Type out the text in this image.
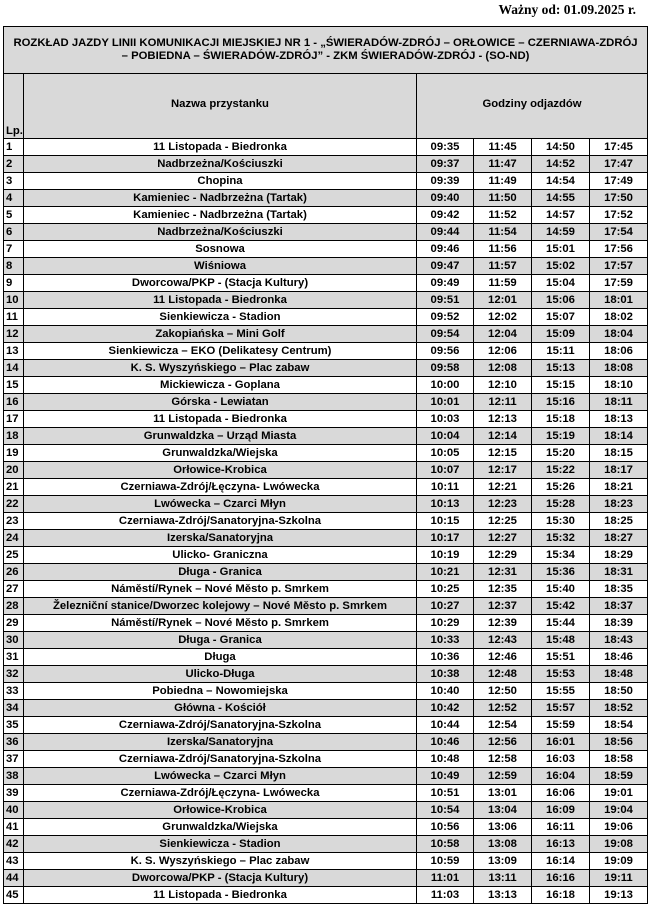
Ważny od: 01.09.2025 r.
ROZKŁAD JAZDY LINII KOMUNIKACJI MIEJSKIEJ NR 1 - „ŚWIERADÓW-ZDRÓJ – ORŁOWICE – CZERNIAWA-ZDRÓJ – POBIEDNA – ŚWIERADÓW-ZDRÓJ” - ZKM ŚWIERADÓW-ZDRÓJ - (SO-ND)					
Lp.	Nazwa przystanku	Godziny odjazdów			
1	11 Listopada - Biedronka	09:35	11:45	14:50	17:45
2	Nadbrzeżna/Kościuszki	09:37	11:47	14:52	17:47
3	Chopina	09:39	11:49	14:54	17:49
4	Kamieniec - Nadbrzeżna (Tartak)	09:40	11:50	14:55	17:50
5	Kamieniec - Nadbrzeżna (Tartak)	09:42	11:52	14:57	17:52
6	Nadbrzeżna/Kościuszki	09:44	11:54	14:59	17:54
7	Sosnowa	09:46	11:56	15:01	17:56
8	Wiśniowa	09:47	11:57	15:02	17:57
9	Dworcowa/PKP - (Stacja Kultury)	09:49	11:59	15:04	17:59
10	11 Listopada - Biedronka	09:51	12:01	15:06	18:01
11	Sienkiewicza - Stadion	09:52	12:02	15:07	18:02
12	Zakopiańska – Mini Golf	09:54	12:04	15:09	18:04
13	Sienkiewicza – EKO (Delikatesy Centrum)	09:56	12:06	15:11	18:06
14	K. S. Wyszyńskiego – Plac zabaw	09:58	12:08	15:13	18:08
15	Mickiewicza - Goplana	10:00	12:10	15:15	18:10
16	Górska - Lewiatan	10:01	12:11	15:16	18:11
17	11 Listopada - Biedronka	10:03	12:13	15:18	18:13
18	Grunwaldzka – Urząd Miasta	10:04	12:14	15:19	18:14
19	Grunwaldzka/Wiejska	10:05	12:15	15:20	18:15
20	Orłowice-Krobica	10:07	12:17	15:22	18:17
21	Czerniawa-Zdrój/Łęczyna- Lwówecka	10:11	12:21	15:26	18:21
22	Lwówecka – Czarci Młyn	10:13	12:23	15:28	18:23
23	Czerniawa-Zdrój/Sanatoryjna-Szkolna	10:15	12:25	15:30	18:25
24	Izerska/Sanatoryjna	10:17	12:27	15:32	18:27
25	Ulicko- Graniczna	10:19	12:29	15:34	18:29
26	Długa - Granica	10:21	12:31	15:36	18:31
27	Náměstí/Rynek – Nové Město p. Smrkem	10:25	12:35	15:40	18:35
28	Železniční stanice/Dworzec kolejowy – Nové Město p. Smrkem	10:27	12:37	15:42	18:37
29	Náměstí/Rynek – Nové Město p. Smrkem	10:29	12:39	15:44	18:39
30	Długa - Granica	10:33	12:43	15:48	18:43
31	Długa	10:36	12:46	15:51	18:46
32	Ulicko-Długa	10:38	12:48	15:53	18:48
33	Pobiedna – Nowomiejska	10:40	12:50	15:55	18:50
34	Główna - Kościół	10:42	12:52	15:57	18:52
35	Czerniawa-Zdrój/Sanatoryjna-Szkolna	10:44	12:54	15:59	18:54
36	Izerska/Sanatoryjna	10:46	12:56	16:01	18:56
37	Czerniawa-Zdrój/Sanatoryjna-Szkolna	10:48	12:58	16:03	18:58
38	Lwówecka – Czarci Młyn	10:49	12:59	16:04	18:59
39	Czerniawa-Zdrój/Łęczyna- Lwówecka	10:51	13:01	16:06	19:01
40	Orłowice-Krobica	10:54	13:04	16:09	19:04
41	Grunwaldzka/Wiejska	10:56	13:06	16:11	19:06
42	Sienkiewicza - Stadion	10:58	13:08	16:13	19:08
43	K. S. Wyszyńskiego – Plac zabaw	10:59	13:09	16:14	19:09
44	Dworcowa/PKP - (Stacja Kultury)	11:01	13:11	16:16	19:11
45	11 Listopada - Biedronka	11:03	13:13	16:18	19:13
